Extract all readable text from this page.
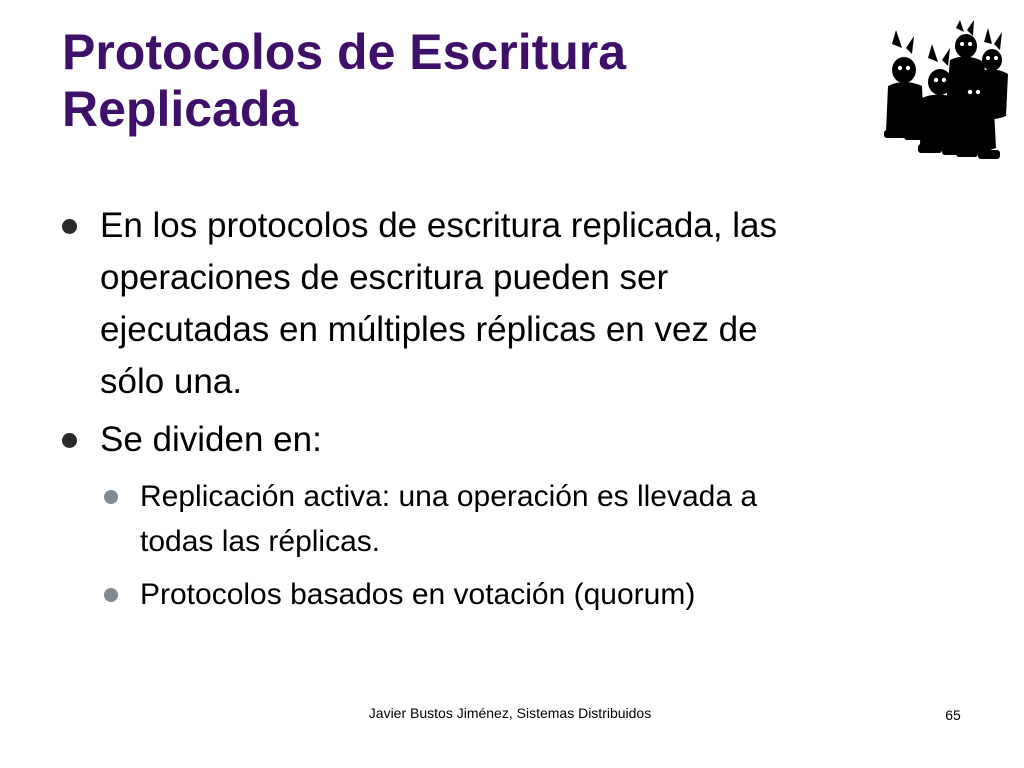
Protocolos de Escritura
Replicada
En los protocolos de escritura replicada, las
operaciones de escritura pueden ser
ejecutadas en múltiples réplicas en vez de
sólo una.
Se dividen en:
Replicación activa: una operación es llevada a
todas las réplicas.
Protocolos basados en votación (quorum)
Javier Bustos Jiménez, Sistemas Distribuidos	65
